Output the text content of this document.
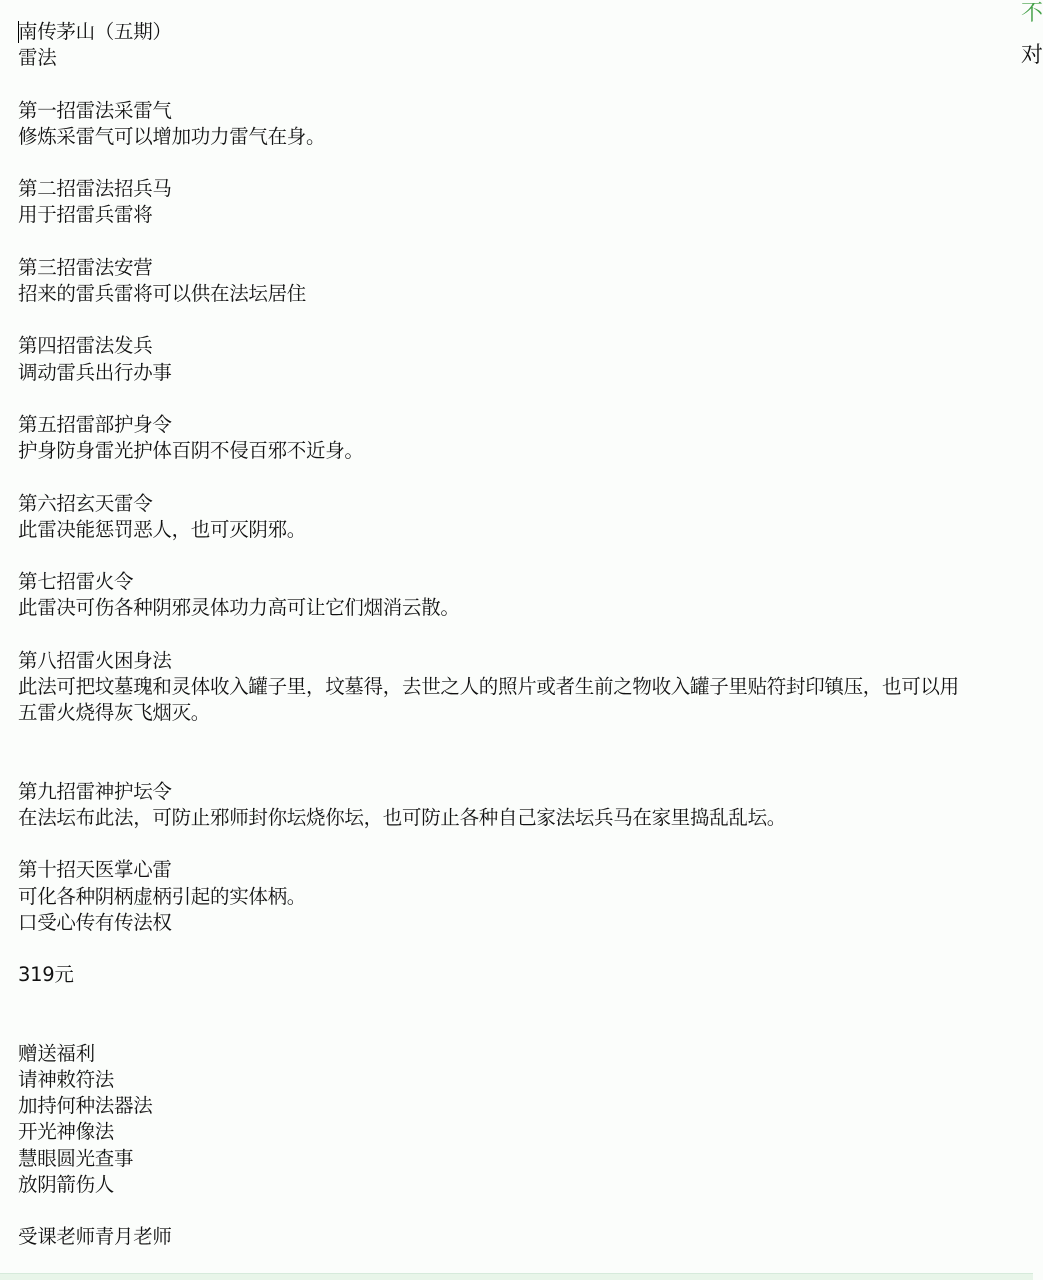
南传茅山（五期）
雷法
第一招雷法采雷气
修炼采雷气可以增加功力雷气在身。
第二招雷法招兵马
用于招雷兵雷将
第三招雷法安营
招来的雷兵雷将可以供在法坛居住
第四招雷法发兵
调动雷兵出行办事
第五招雷部护身令
护身防身雷光护体百阴不侵百邪不近身。
第六招玄天雷令
此雷决能惩罚恶人，也可灭阴邪。
第七招雷火令
此雷决可伤各种阴邪灵体功力高可让它们烟消云散。
第八招雷火困身法
此法可把坟墓瑰和灵体收入罐子里，坟墓得，去世之人的照片或者生前之物收入罐子里贴符封印镇压，也可以用
五雷火烧得灰飞烟灭。
第九招雷神护坛令
在法坛布此法，可防止邪师封你坛烧你坛，也可防止各种自己家法坛兵马在家里捣乱乱坛。
第十招天医掌心雷
可化各种阴柄虚柄引起的实体柄。
口受心传有传法权
319元
赠送福利
请神敕符法
加持何种法器法
开光神像法
慧眼圆光查事
放阴箭伤人
受课老师青月老师
不
对
